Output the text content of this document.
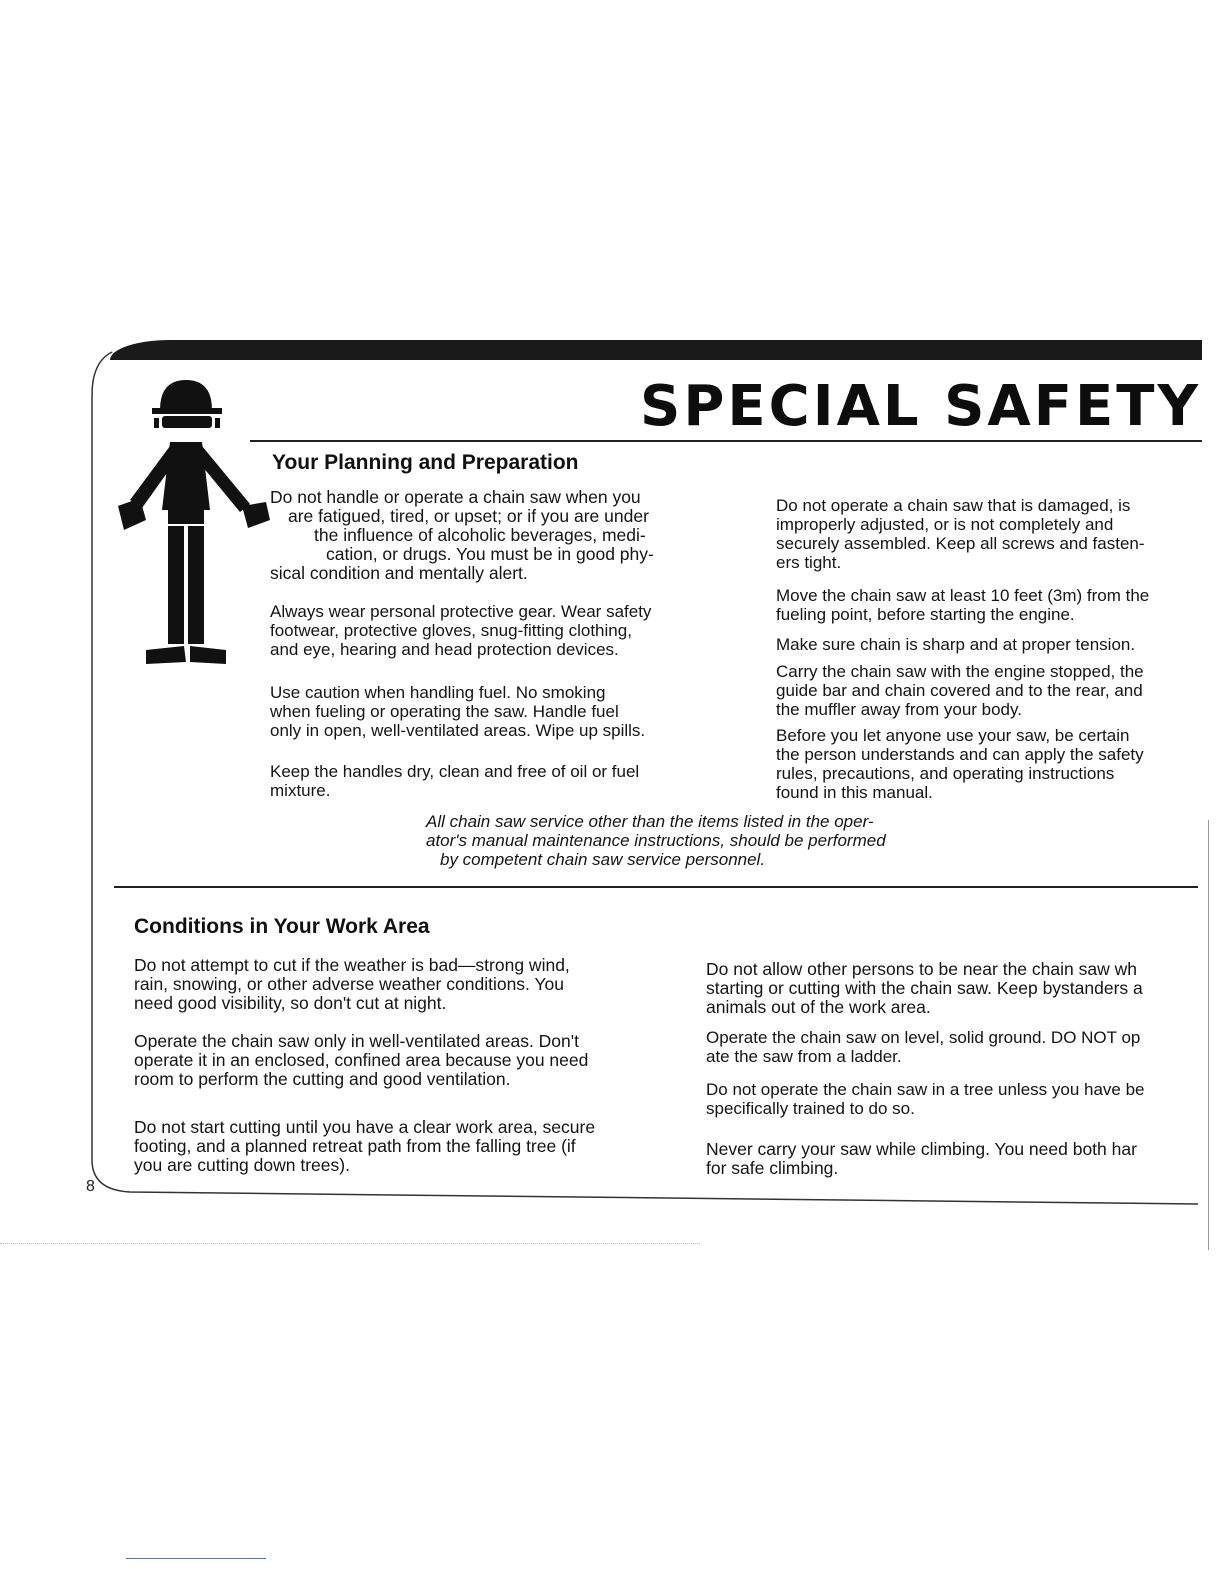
SPECIAL SAFETY
Your Planning and Preparation
Do not handle or operate a chain saw when you
are fatigued, tired, or upset; or if you are under
the influence of alcoholic beverages, medi-
cation, or drugs. You must be in good phy-
sical condition and mentally alert.
Always wear personal protective gear. Wear safety
footwear, protective gloves, snug-fitting clothing,
and eye, hearing and head protection devices.
Use caution when handling fuel. No smoking
when fueling or operating the saw. Handle fuel
only in open, well-ventilated areas. Wipe up spills.
Keep the handles dry, clean and free of oil or fuel
mixture.
Do not operate a chain saw that is damaged, is
improperly adjusted, or is not completely and
securely assembled. Keep all screws and fasten-
ers tight.
Move the chain saw at least 10 feet (3m) from the
fueling point, before starting the engine.
Make sure chain is sharp and at proper tension.
Carry the chain saw with the engine stopped, the
guide bar and chain covered and to the rear, and
the muffler away from your body.
Before you let anyone use your saw, be certain
the person understands and can apply the safety
rules, precautions, and operating instructions
found in this manual.
All chain saw service other than the items listed in the oper-
ator's manual maintenance instructions, should be performed
by competent chain saw service personnel.
Conditions in Your Work Area
Do not attempt to cut if the weather is bad—strong wind,
rain, snowing, or other adverse weather conditions. You
need good visibility, so don't cut at night.
Operate the chain saw only in well-ventilated areas. Don't
operate it in an enclosed, confined area because you need
room to perform the cutting and good ventilation.
Do not start cutting until you have a clear work area, secure
footing, and a planned retreat path from the falling tree (if
you are cutting down trees).
Do not allow other persons to be near the chain saw wh
starting or cutting with the chain saw. Keep bystanders a
animals out of the work area.
Operate the chain saw on level, solid ground. DO NOT op
ate the saw from a ladder.
Do not operate the chain saw in a tree unless you have be
specifically trained to do so.
Never carry your saw while climbing. You need both har
for safe climbing.
8
